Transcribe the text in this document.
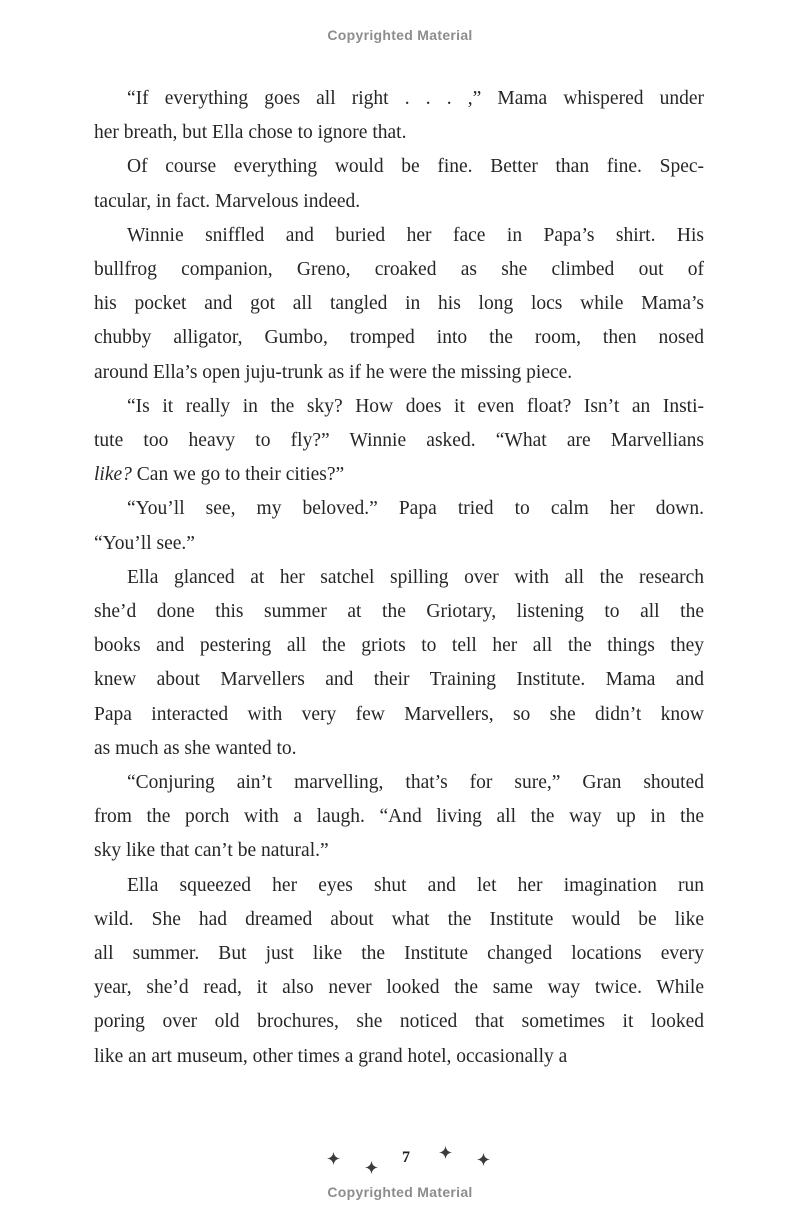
Copyrighted Material
“If everything goes all right . . . ,” Mama whispered under
her breath, but Ella chose to ignore that.
Of course everything would be fine. Better than fine. Spec-
tacular, in fact. Marvelous indeed.
Winnie sniffled and buried her face in Papa’s shirt. His
bullfrog companion, Greno, croaked as she climbed out of
his pocket and got all tangled in his long locs while Mama’s
chubby alligator, Gumbo, tromped into the room, then nosed
around Ella’s open juju-trunk as if he were the missing piece.
“Is it really in the sky? How does it even float? Isn’t an Insti-
tute too heavy to fly?” Winnie asked. “What are Marvellians
like? Can we go to their cities?”
“You’ll see, my beloved.” Papa tried to calm her down.
“You’ll see.”
Ella glanced at her satchel spilling over with all the research
she’d done this summer at the Griotary, listening to all the
books and pestering all the griots to tell her all the things they
knew about Marvellers and their Training Institute. Mama and
Papa interacted with very few Marvellers, so she didn’t know
as much as she wanted to.
“Conjuring ain’t marvelling, that’s for sure,” Gran shouted
from the porch with a laugh. “And living all the way up in the
sky like that can’t be natural.”
Ella squeezed her eyes shut and let her imagination run
wild. She had dreamed about what the Institute would be like
all summer. But just like the Institute changed locations every
year, she’d read, it also never looked the same way twice. While
poring over old brochures, she noticed that sometimes it looked
like an art museum, other times a grand hotel, occasionally a
7
Copyrighted Material
